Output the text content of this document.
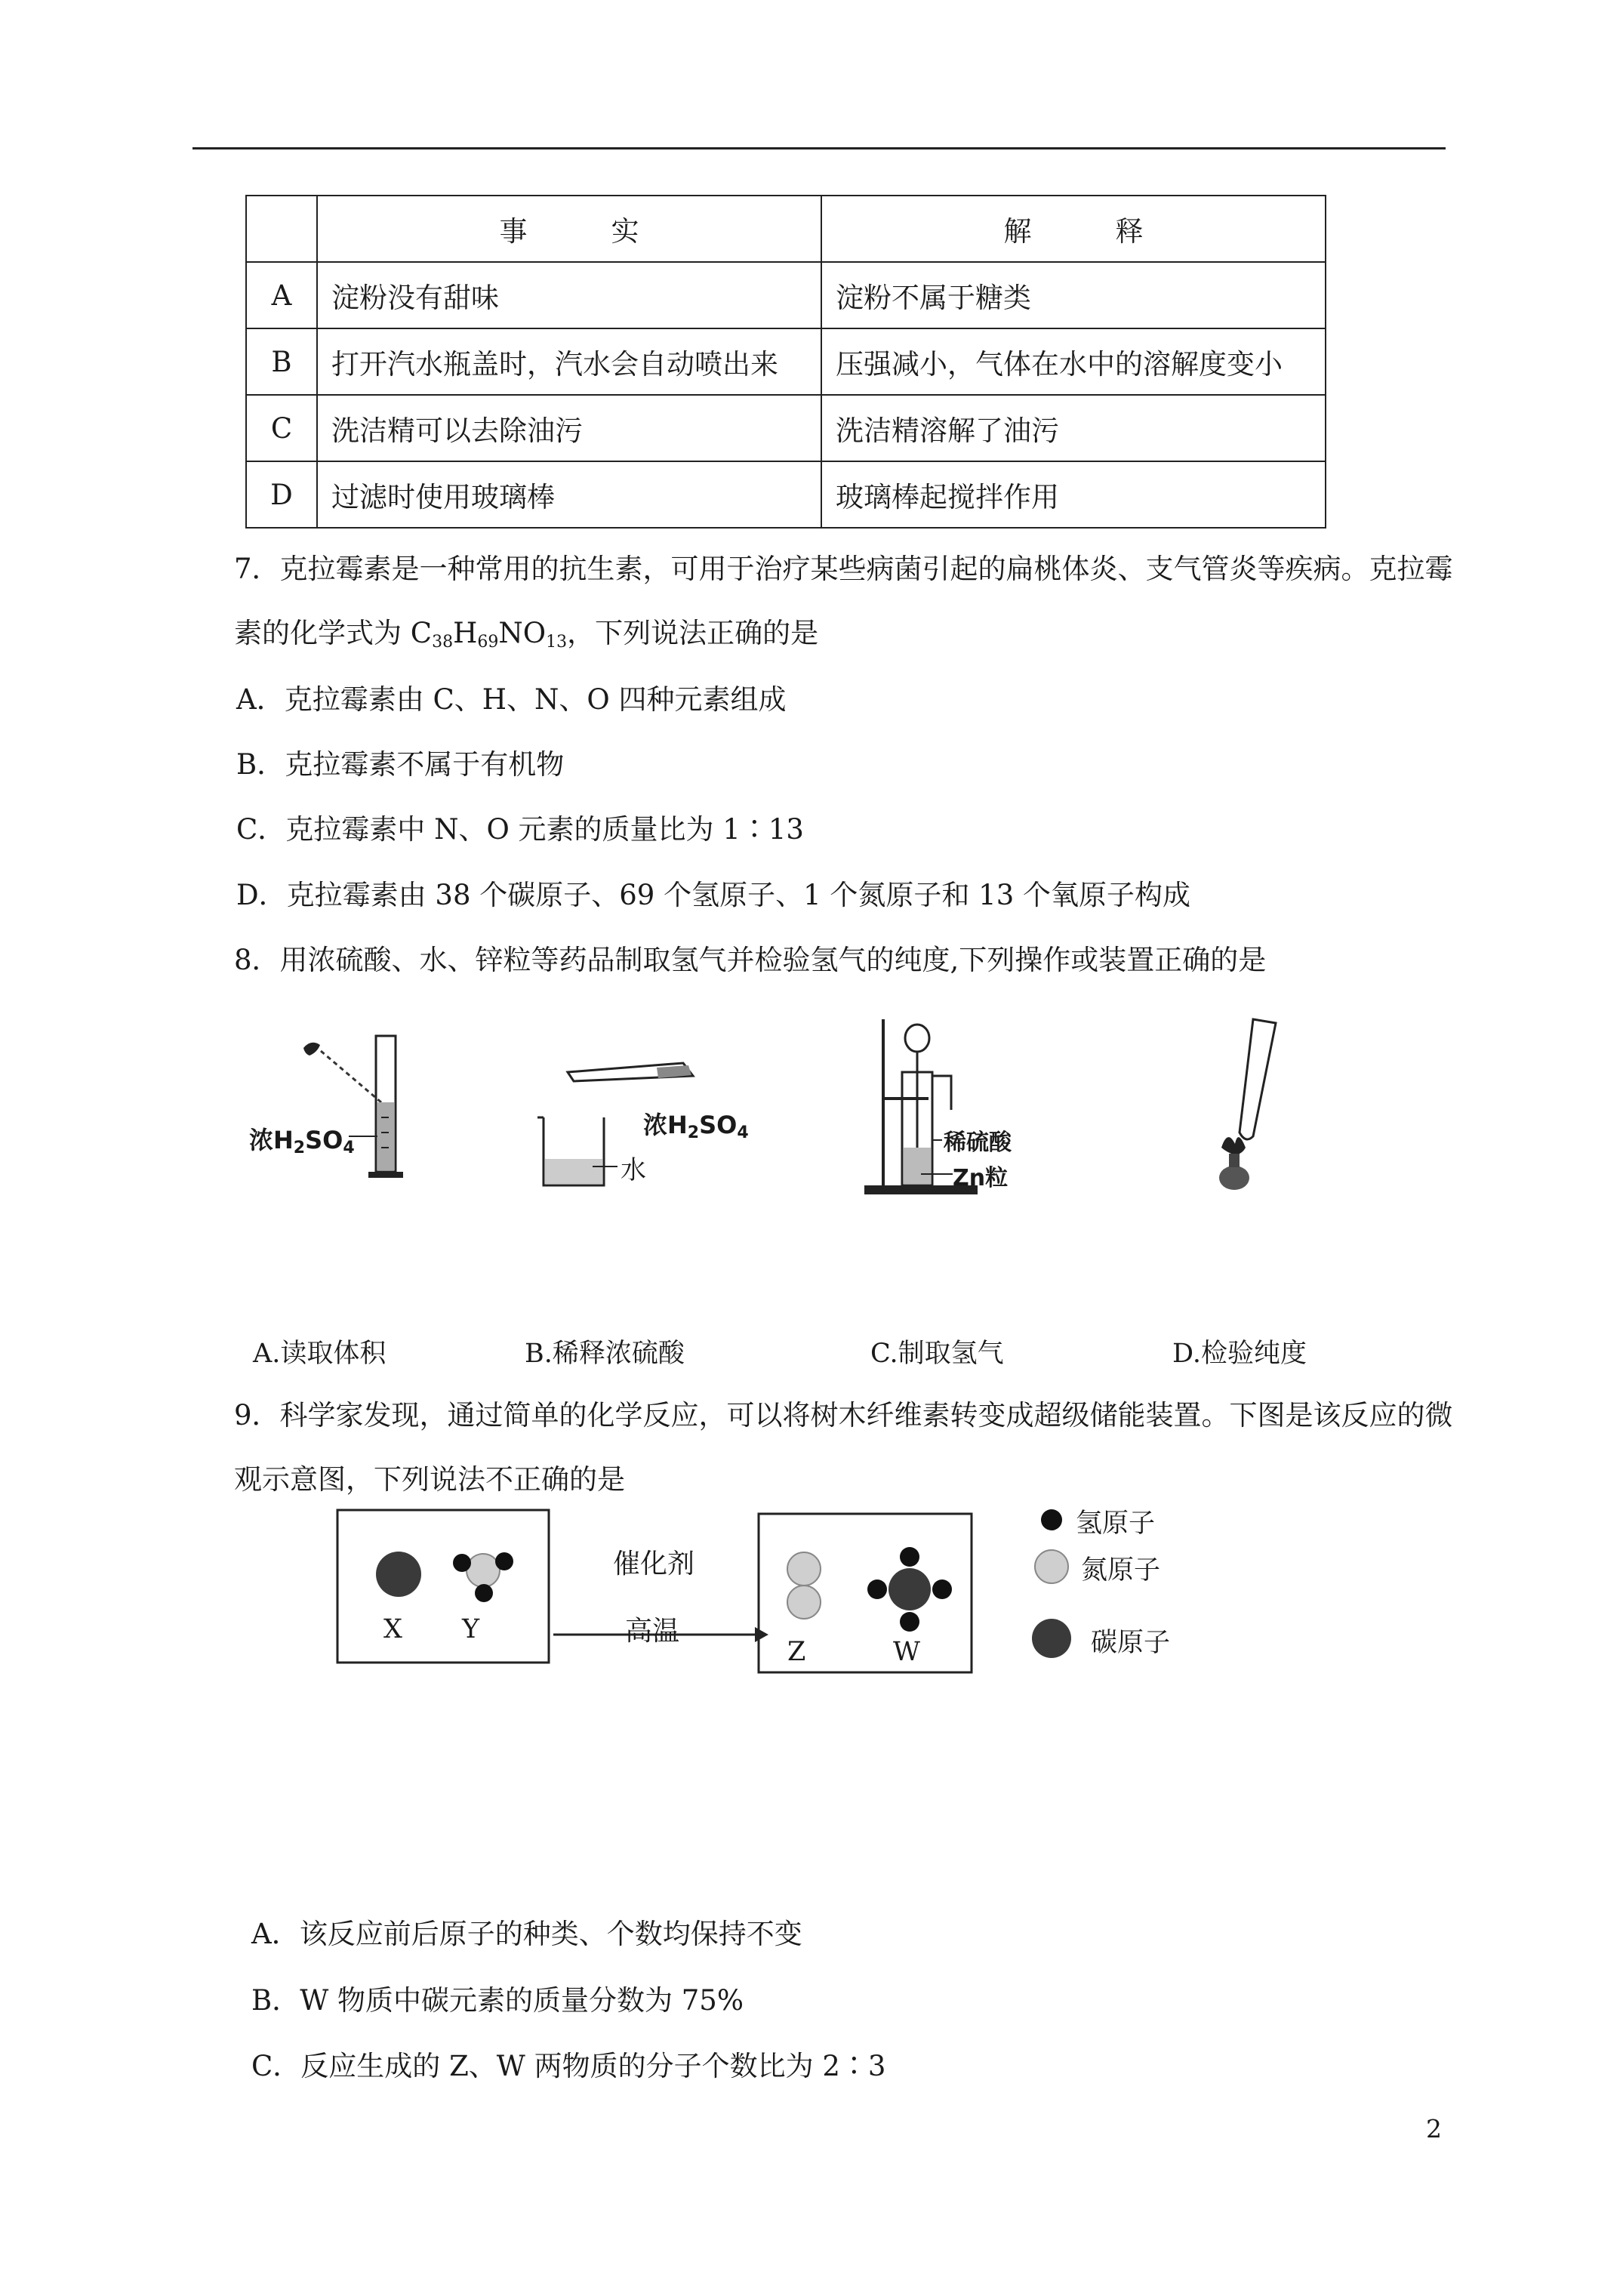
	事　　　实	解　　　释
A	淀粉没有甜味	淀粉不属于糖类
B	打开汽水瓶盖时，汽水会自动喷出来	压强减小，气体在水中的溶解度变小
C	洗洁精可以去除油污	洗洁精溶解了油污
D	过滤时使用玻璃棒	玻璃棒起搅拌作用
7．克拉霉素是一种常用的抗生素，可用于治疗某些病菌引起的扁桃体炎、支气管炎等疾病。克拉霉
素的化学式为 $C_{38}H_{69}NO_{13}$，下列说法正确的是
A．克拉霉素由 C、H、N、O 四种元素组成
B．克拉霉素不属于有机物
C．克拉霉素中 N、O 元素的质量比为 1∶13
D．克拉霉素由 38 个碳原子、69 个氢原子、1 个氮原子和 13 个氧原子构成
8．用浓硫酸、水、锌粒等药品制取氢气并检验氢气的纯度,下列操作或装置正确的是
浓$H_2SO_4$
浓$H_2SO_4$
水
稀硫酸
Zn粒
A.读取体积	B.稀释浓硫酸	C.制取氢气	D.检验纯度
9．科学家发现，通过简单的化学反应，可以将树木纤维素转变成超级储能装置。下图是该反应的微
观示意图，下列说法不正确的是
催化剂
高温
X Y
Z	W
氢原子
氮原子
碳原子
A．该反应前后原子的种类、个数均保持不变
B．W 物质中碳元素的质量分数为 75%
C．反应生成的 Z、W 两物质的分子个数比为 2∶3
2
